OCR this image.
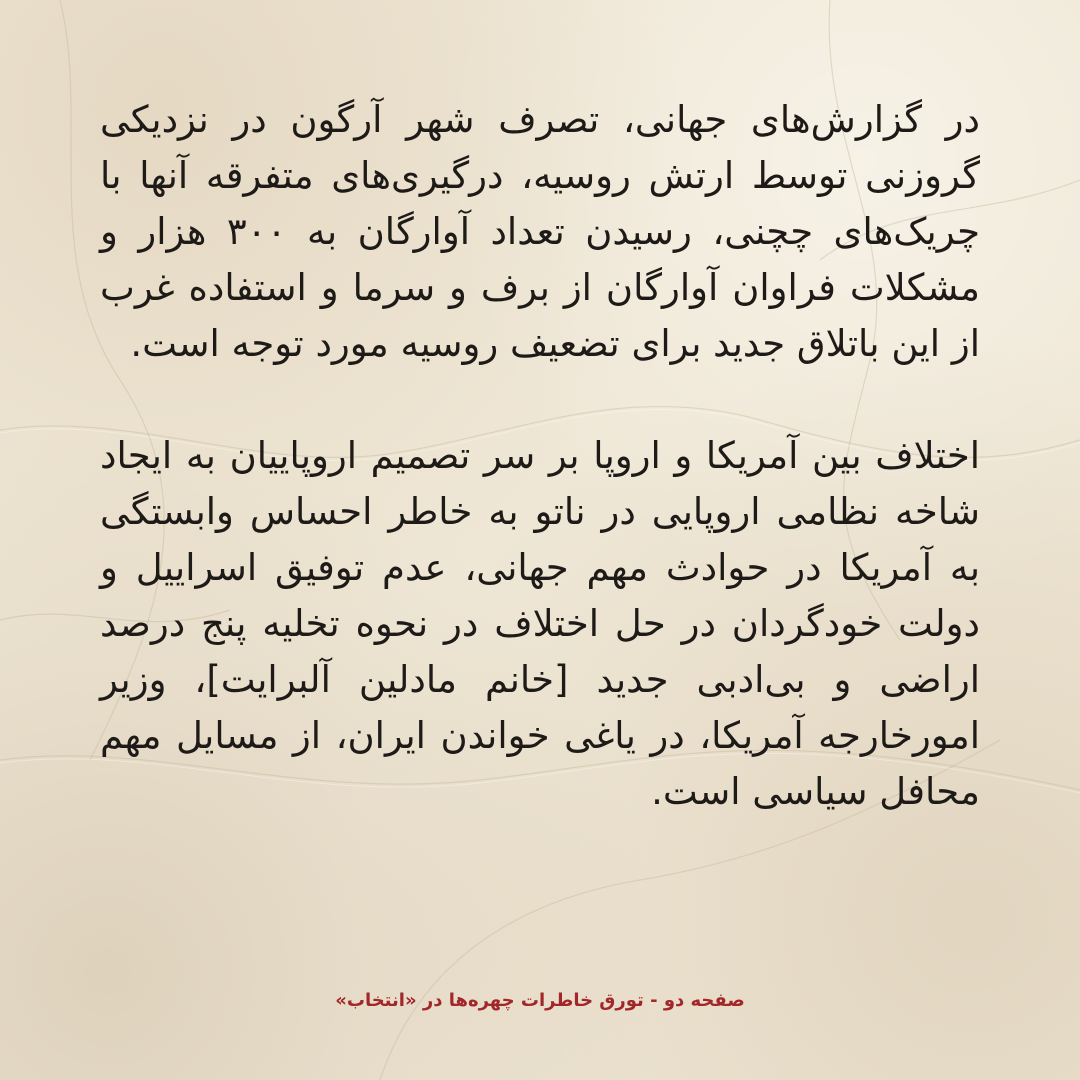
در گزارش‌های جهانی، تصرف شهر آرگون در نزدیکی گروزنی توسط ارتش روسیه، درگیری‌های متفرقه آنها با چریک‌های چچنی، رسیدن تعداد آوارگان به ۳۰۰ هزار و مشکلات فراوان آوارگان از برف و سرما و استفاده غرب از این باتلاق جدید برای تضعیف روسیه مورد توجه است.

اختلاف بین آمریکا و اروپا بر سر تصمیم اروپاییان به ایجاد شاخه نظامی اروپایی در ناتو به خاطر احساس وابستگی به آمریکا در حوادث مهم جهانی، عدم توفیق اسراییل و دولت خودگردان در حل اختلاف در نحوه تخلیه پنج درصد اراضی و بی‌ادبی جدید [خانم مادلین آلبرایت]، وزیر امورخارجه آمریکا، در یاغی خواندن ایران، از مسایل مهم محافل سیاسی است.

صفحه دو - تورق خاطرات چهره‌ها در «انتخاب»
